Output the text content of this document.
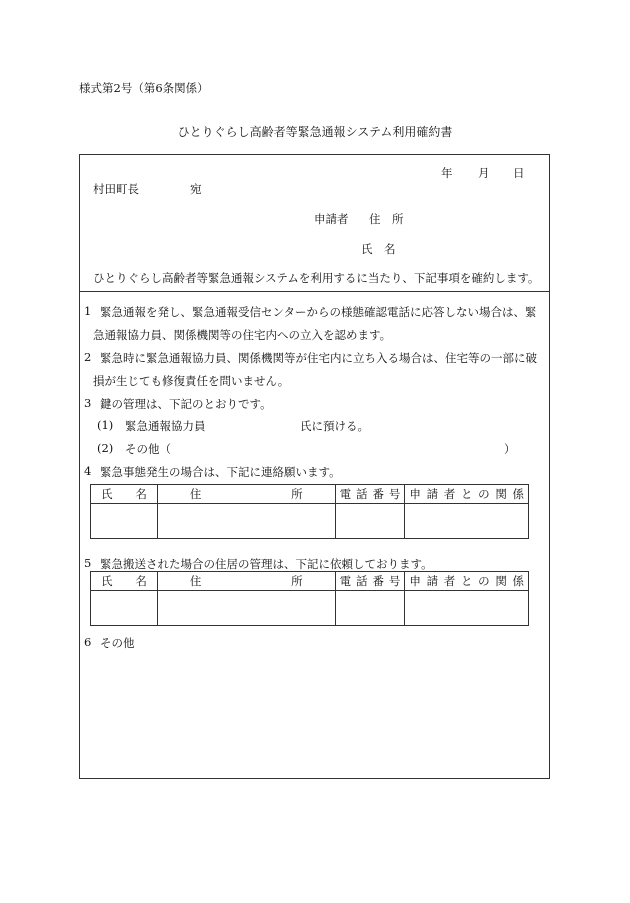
様式第2号（第6条関係）
ひとりぐらし高齢者等緊急通報システム利用確約書
年 月 日
村田町長	宛
申請者 住　所
氏　名
ひとりぐらし高齢者等緊急通報システムを利用するに当たり、下記事項を確約します。
1 緊急通報を発し、緊急通報受信センターからの様態確認電話に応答しない場合は、緊
急通報協力員、関係機関等の住宅内への立入を認めます。
2 緊急時に緊急通報協力員、関係機関等が住宅内に立ち入る場合は、住宅等の一部に破
損が生じても修復責任を問いません。
3 鍵の管理は、下記のとおりです。
(1) 緊急通報協力員	氏に預ける。
(2) その他（	）
4 緊急事態発生の場合は、下記に連絡願います。
氏　名	住　　所	電話番号	申請者との関係

5 緊急搬送された場合の住居の管理は、下記に依頼しております。
氏　名	住　　所	電話番号	申請者との関係

6 その他
